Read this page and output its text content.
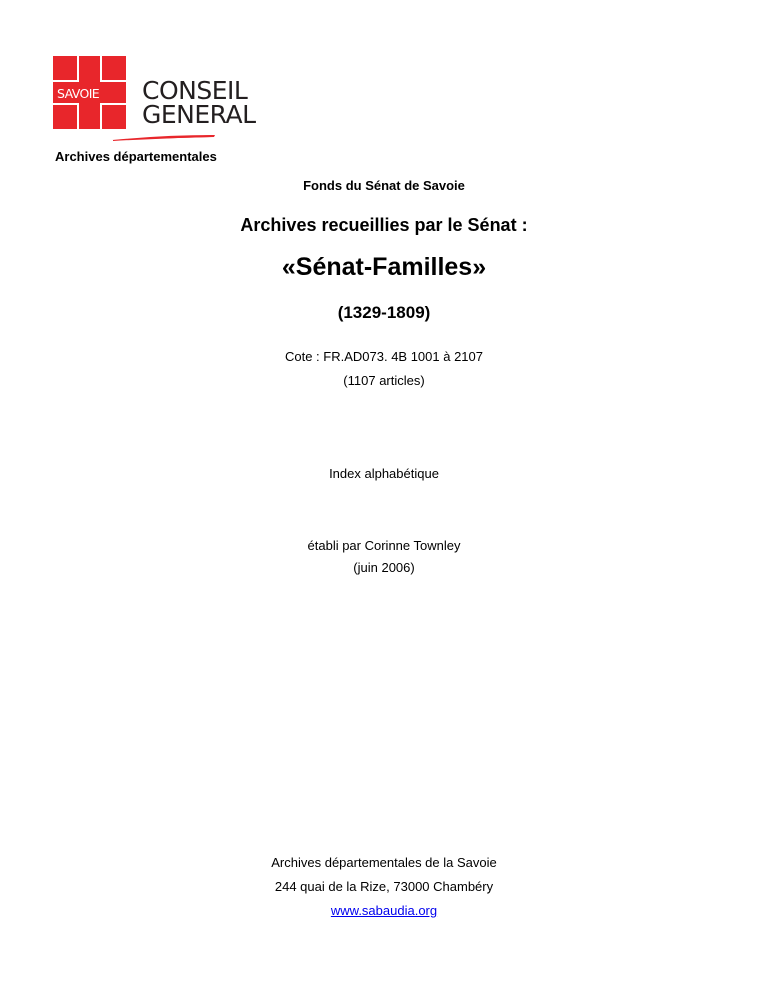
SAVOIE CONSEIL
GENERAL
Archives départementales
Fonds du Sénat de Savoie
Archives recueillies par le Sénat :
«Sénat-Familles»
(1329-1809)
Cote : FR.AD073. 4B 1001 à 2107
(1107 articles)
Index alphabétique
établi par Corinne Townley
(juin 2006)
Archives départementales de la Savoie
244 quai de la Rize, 73000 Chambéry
www.sabaudia.org
